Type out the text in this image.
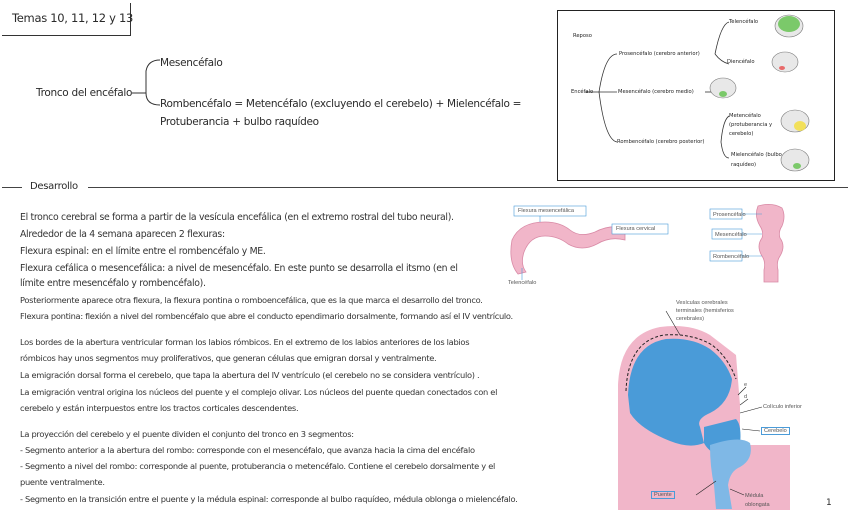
Temas 10, 11, 12 y 13
Tronco del encéfalo
Mesencéfalo
Rombencéfalo = Metencéfalo (excluyendo el cerebelo) + Mielencéfalo =
Protuberancia + bulbo raquídeo
Reposo
Encéfalo
Prosencéfalo (cerebro anterior)
Mesencéfalo (cerebro medio)
Rombencéfalo (cerebro posterior)
Telencéfalo
Diencéfalo
Metencéfalo
(protuberancia y
cerebelo)
Mielencéfalo (bulbo
raquídeo)
Desarrollo
El tronco cerebral se forma a partir de la vesícula encefálica (en el extremo rostral del tubo neural).
Alrededor de la 4 semana aparecen 2 flexuras:
Flexura espinal: en el límite entre el rombencéfalo y ME.
Flexura cefálica o mesencefálica: a nivel de mesencéfalo. En este punto se desarrolla el itsmo (en el
límite entre mesencéfalo y rombencéfalo).
Posteriormente aparece otra flexura, la flexura pontina o romboencefálica, que es la que marca el desarrollo del tronco.
Flexura pontina: flexión a nivel del rombencéfalo que abre el conducto ependimario dorsalmente, formando así el IV ventrículo.
Los bordes de la abertura ventricular forman los labios rómbicos. En el extremo de los labios anteriores de los labios
rómbicos hay unos segmentos muy proliferativos, que generan células que emigran dorsal y ventralmente.
La emigración dorsal forma el cerebelo, que tapa la abertura del IV ventrículo (el cerebelo no se considera ventrículo) .
La emigración ventral origina los núcleos del puente y el complejo olivar. Los núcleos del puente quedan conectados con el
cerebelo y están interpuestos entre los tractos corticales descendentes.
La proyección del cerebelo y el puente dividen el conjunto del tronco en 3 segmentos:
- Segmento anterior a la abertura del rombo: corresponde con el mesencéfalo, que avanza hacia la cima del encéfalo
- Segmento a nivel del rombo: corresponde al puente, protuberancia o metencéfalo. Contiene el cerebelo dorsalmente y el
puente ventralmente.
- Segmento en la transición entre el puente y la médula espinal: corresponde al bulbo raquídeo, médula oblonga o mielencéfalo.
Flexura mesencefálica
Flexura cervical
Telencéfalo
Prosencéfalo
Mesencéfalo
Rombencéfalo
Vesículas cerebrales
terminales (hemisferios
cerebrales)
e
d
Colículo inferior
Cerebelo
Puente	Médula
oblongata	1
